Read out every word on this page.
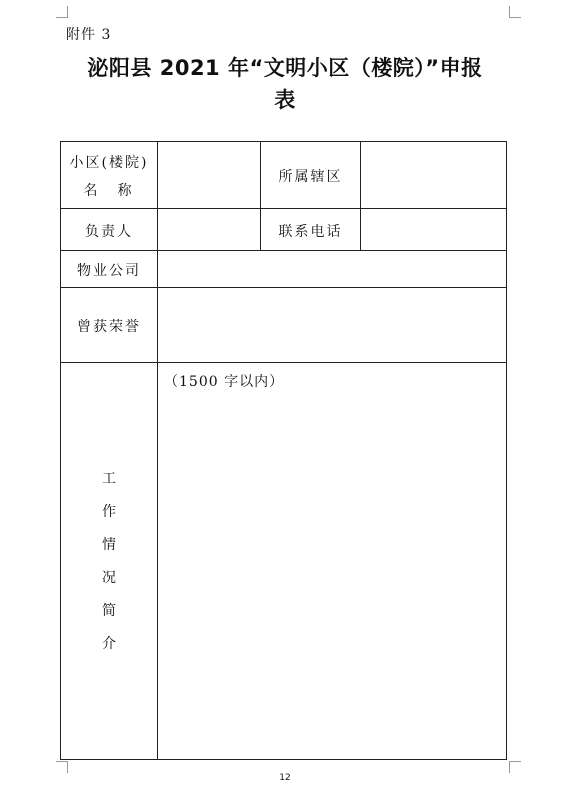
附件 3
泌阳县 2021 年“文明小区（楼院）”申报
表
小区(楼院)
名　称
所属辖区
负责人	联系电话
物业公司
曾获荣誉
工
作
情
况
简
介
（1500 字以内）
12
